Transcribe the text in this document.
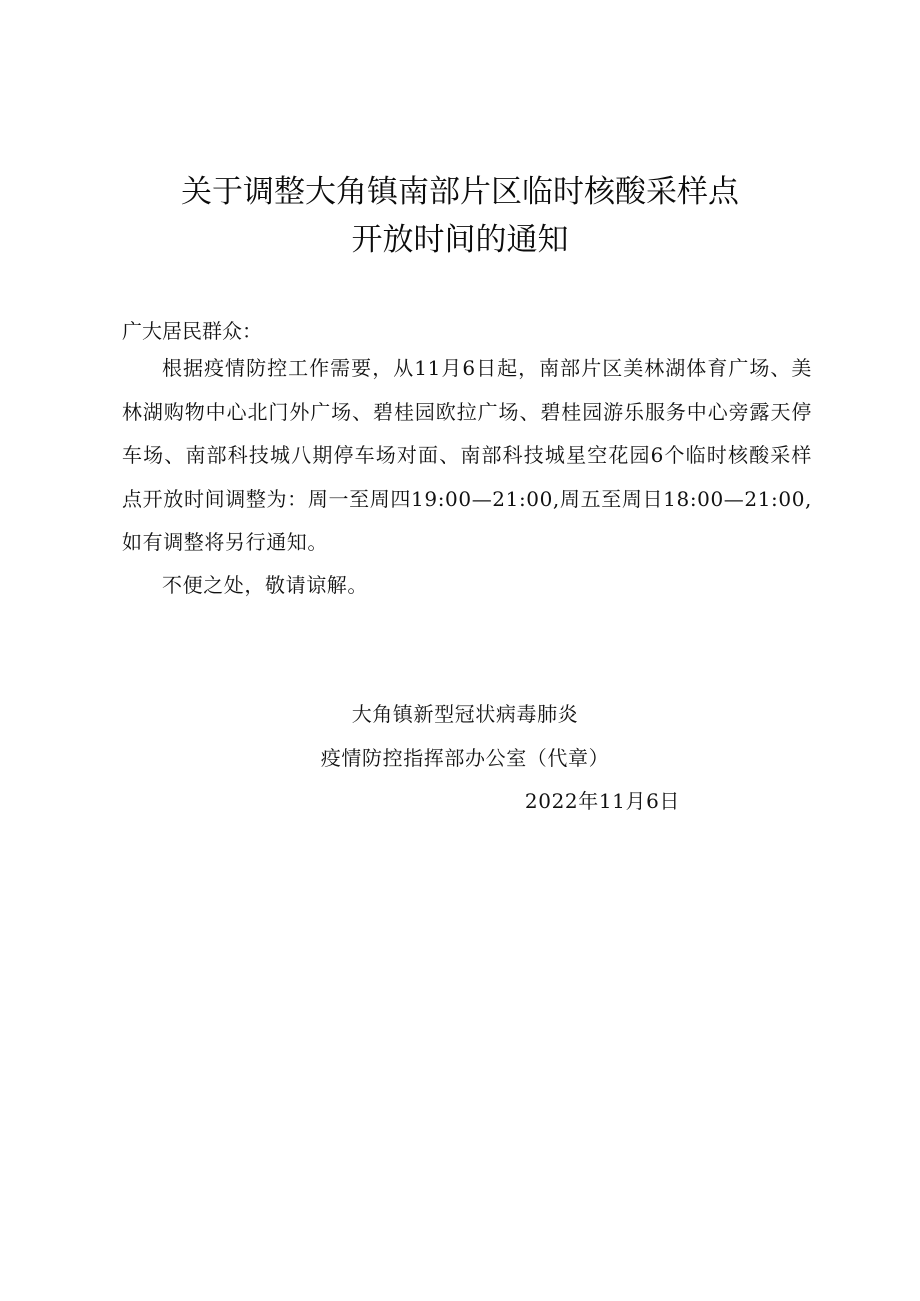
关于调整大角镇南部片区临时核酸采样点
开放时间的通知

广大居民群众：

根据疫情防控工作需要，从11月6日起，南部片区美林湖体育广场、美林湖购物中心北门外广场、碧桂园欧拉广场、碧桂园游乐服务中心旁露天停车场、南部科技城八期停车场对面、南部科技城星空花园6个临时核酸采样点开放时间调整为：周一至周四19:00—21:00,周五至周日18:00—21:00,如有调整将另行通知。

不便之处，敬请谅解。

大角镇新型冠状病毒肺炎
疫情防控指挥部办公室（代章）

2022年11月6日
